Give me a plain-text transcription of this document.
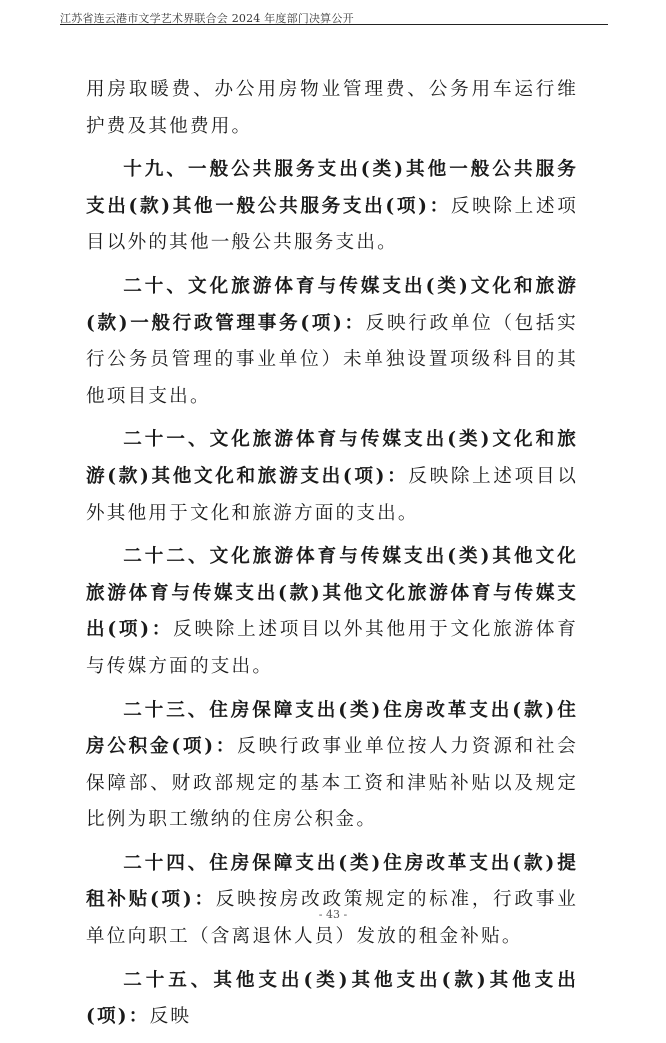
江苏省连云港市文学艺术界联合会 2024 年度部门决算公开

用房取暖费、办公用房物业管理费、公务用车运行维护费及其他费用。

十九、一般公共服务支出(类)其他一般公共服务支出(款)其他一般公共服务支出(项)：反映除上述项目以外的其他一般公共服务支出。

二十、文化旅游体育与传媒支出(类)文化和旅游(款)一般行政管理事务(项)：反映行政单位（包括实行公务员管理的事业单位）未单独设置项级科目的其他项目支出。

二十一、文化旅游体育与传媒支出(类)文化和旅游(款)其他文化和旅游支出(项)：反映除上述项目以外其他用于文化和旅游方面的支出。

二十二、文化旅游体育与传媒支出(类)其他文化旅游体育与传媒支出(款)其他文化旅游体育与传媒支出(项)：反映除上述项目以外其他用于文化旅游体育与传媒方面的支出。

二十三、住房保障支出(类)住房改革支出(款)住房公积金(项)：反映行政事业单位按人力资源和社会保障部、财政部规定的基本工资和津贴补贴以及规定比例为职工缴纳的住房公积金。

二十四、住房保障支出(类)住房改革支出(款)提租补贴(项)：反映按房改政策规定的标准，行政事业单位向职工（含离退休人员）发放的租金补贴。

二十五、其他支出(类)其他支出(款)其他支出(项)：反映

- 43 -
